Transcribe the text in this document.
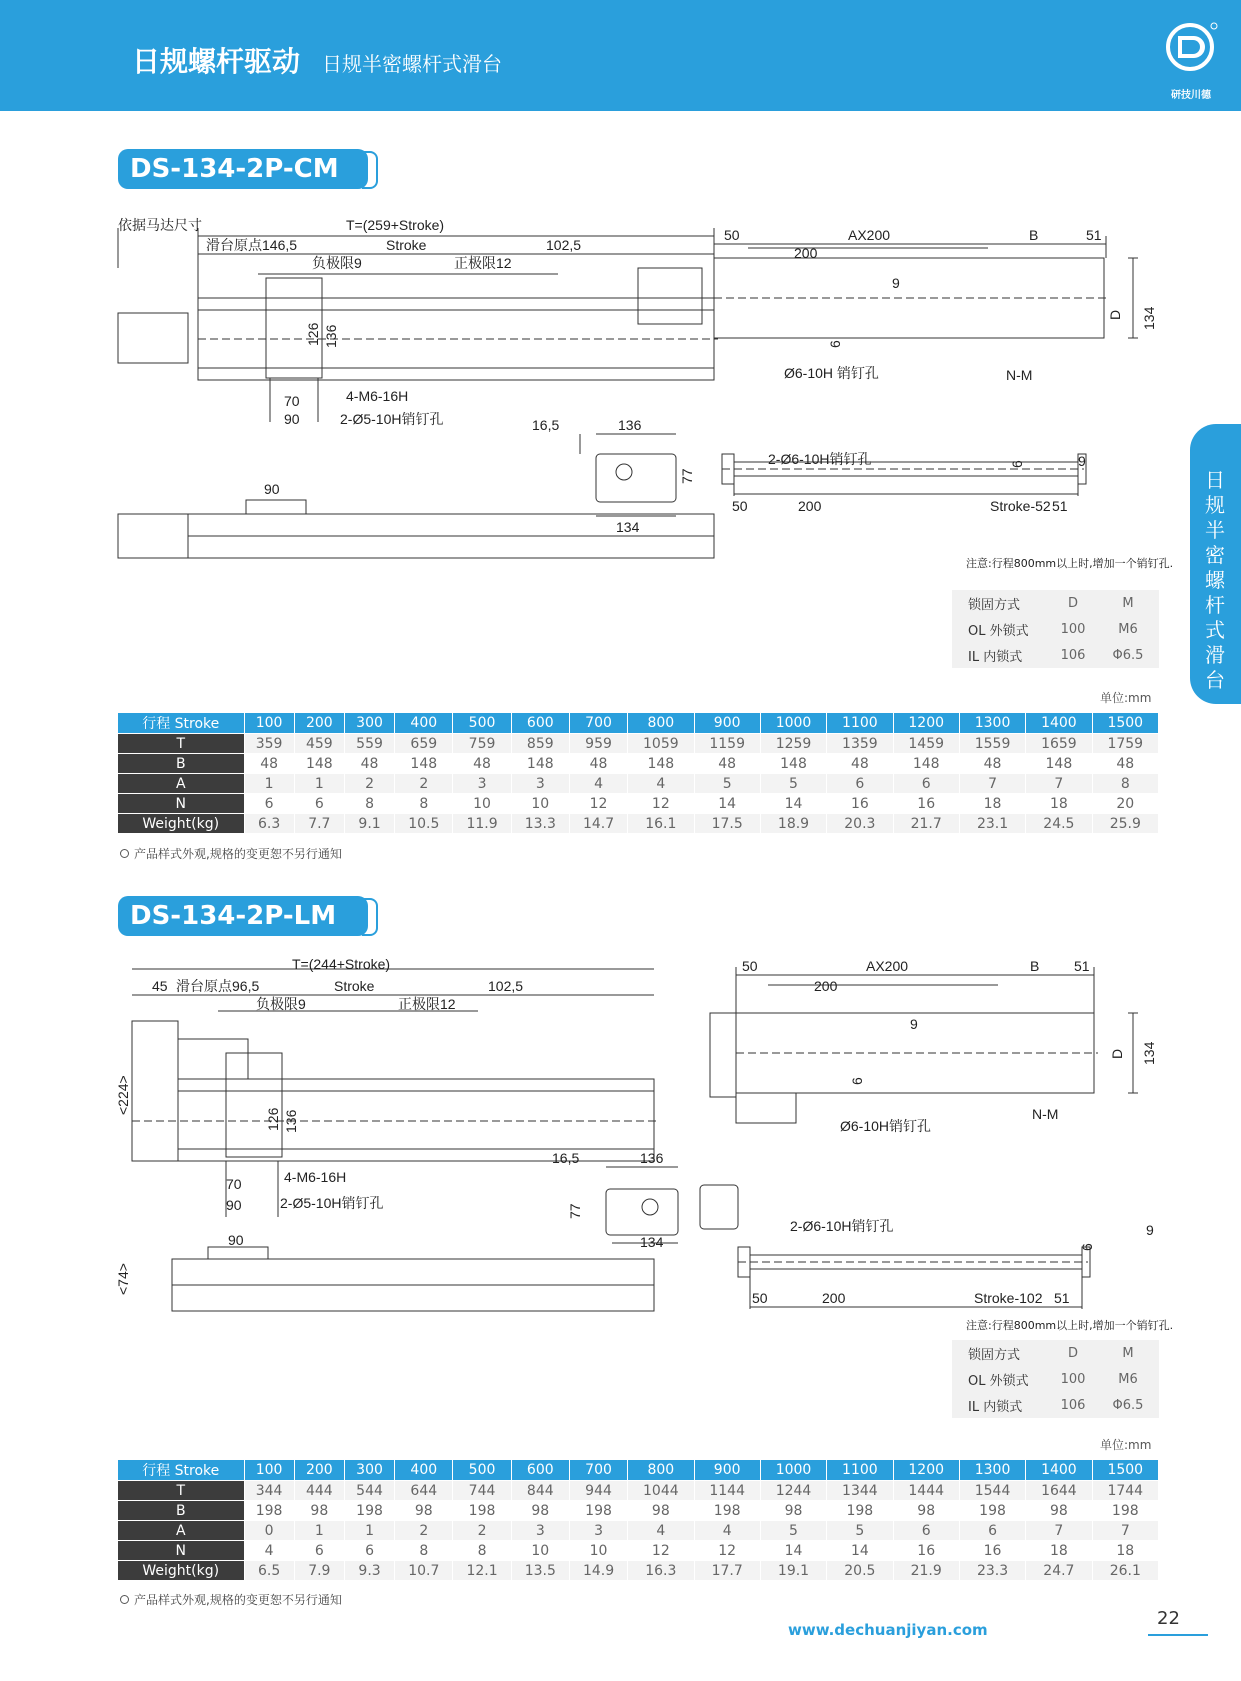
日规螺杆驱动 日规半密螺杆式滑台
研技川德
日规半密螺杆式滑台
DS-134-2P-CM
依据马达尺寸	T=(259+Stroke)
滑台原点146,5	Stroke	102,5
负极限9	正极限12
126 136
4-M6-16H
70
90	2-Ø5-10H销钉孔
50	AX200	B	51
200
9
D 134
6
Ø6-10H 销钉孔	N-M
90
16,5	136
77
134
2-Ø6-10H销钉孔	6	9
50	200	Stroke-52 51
注意:行程800mm以上时,增加一个销钉孔.
锁固方式	D	M
OL 外锁式	100	M6
IL 内锁式	106	Φ6.5
单位:mm
行程 Stroke	100	200	300	400	500	600	700	800	900	1000	1100	1200	1300	1400	1500
T	359	459	559	659	759	859	959	1059	1159	1259	1359	1459	1559	1659	1759
B	48	148	48	148	48	148	48	148	48	148	48	148	48	148	48
A	1	1	2	2	3	3	4	4	5	5	6	6	7	7	8
N	6	6	8	8	10	10	12	12	14	14	16	16	18	18	20
Weight(kg)	6.3	7.7	9.1	10.5	11.9	13.3	14.7	16.1	17.5	18.9	20.3	21.7	23.1	24.5	25.9
产品样式外观,规格的变更恕不另行通知
DS-134-2P-LM
T=(244+Stroke)
45 滑台原点96,5	Stroke	102,5
负极限9	正极限12
<224>
126 136
4-M6-16H
70
90	2-Ø5-10H销钉孔
50	AX200	B 51
200
9
D 134
6
Ø6-10H销钉孔
N-M
90
<74>
16,5	136
77
134
2-Ø6-10H销钉孔
6
9
50	200	Stroke-102 51
注意:行程800mm以上时,增加一个销钉孔.
锁固方式	D	M
OL 外锁式	100	M6
IL 内锁式	106	Φ6.5
单位:mm
行程 Stroke	100	200	300	400	500	600	700	800	900	1000	1100	1200	1300	1400	1500
T	344	444	544	644	744	844	944	1044	1144	1244	1344	1444	1544	1644	1744
B	198	98	198	98	198	98	198	98	198	98	198	98	198	98	198
A	0	1	1	2	2	3	3	4	4	5	5	6	6	7	7
N	4	6	6	8	8	10	10	12	12	14	14	16	16	18	18
Weight(kg)	6.5	7.9	9.3	10.7	12.1	13.5	14.9	16.3	17.7	19.1	20.5	21.9	23.3	24.7	26.1
产品样式外观,规格的变更恕不另行通知
www.dechuanjiyan.com
22
